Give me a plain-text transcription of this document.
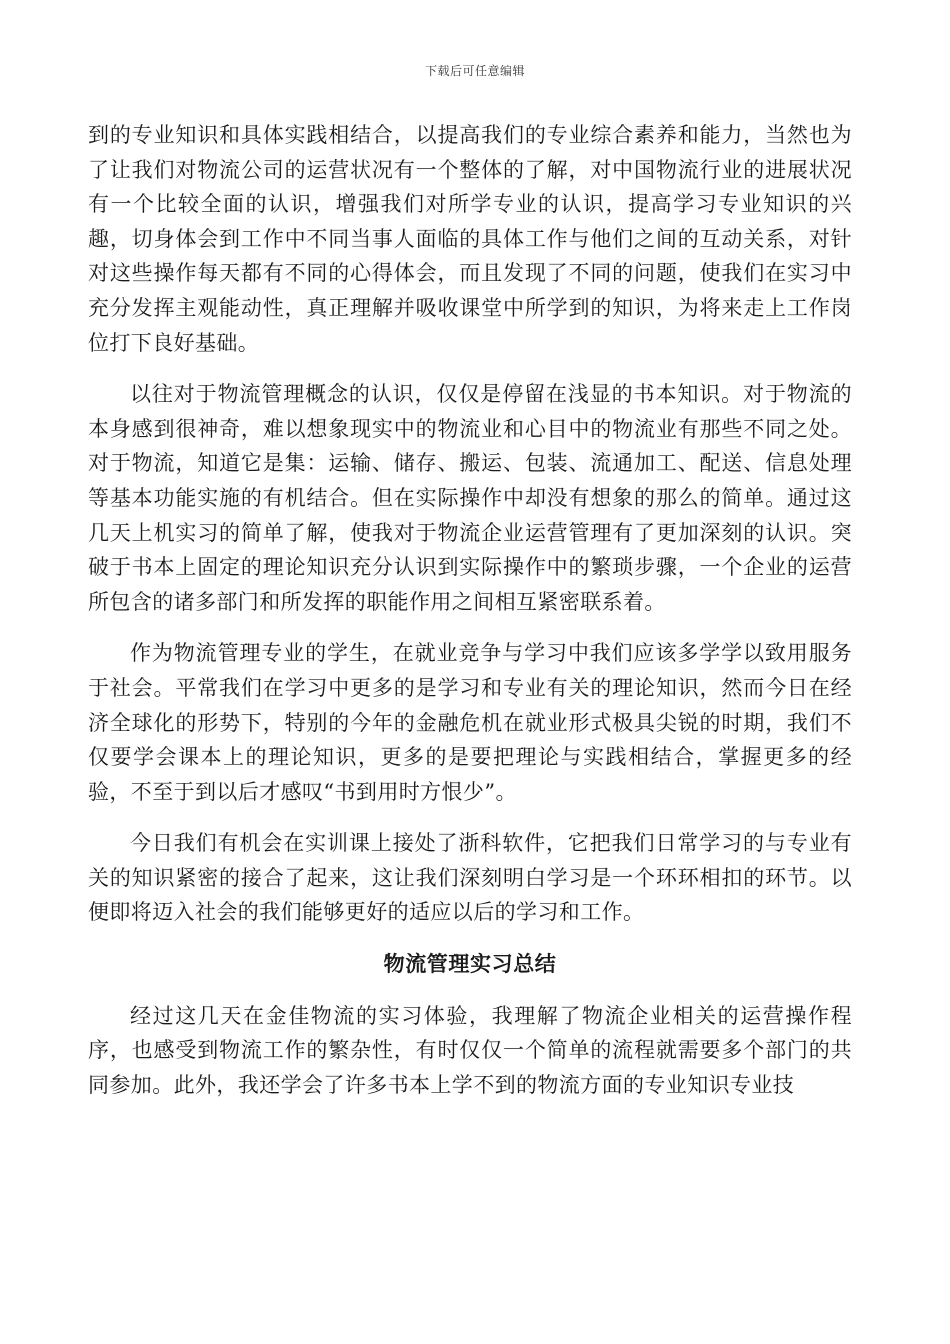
下载后可任意编辑

到的专业知识和具体实践相结合，以提高我们的专业综合素养和能力，当然也为了让我们对物流公司的运营状况有一个整体的了解，对中国物流行业的进展状况有一个比较全面的认识，增强我们对所学专业的认识，提高学习专业知识的兴趣，切身体会到工作中不同当事人面临的具体工作与他们之间的互动关系，对针对这些操作每天都有不同的心得体会，而且发现了不同的问题，使我们在实习中充分发挥主观能动性，真正理解并吸收课堂中所学到的知识，为将来走上工作岗位打下良好基础。

以往对于物流管理概念的认识，仅仅是停留在浅显的书本知识。对于物流的本身感到很神奇，难以想象现实中的物流业和心目中的物流业有那些不同之处。对于物流，知道它是集：运输、储存、搬运、包装、流通加工、配送、信息处理等基本功能实施的有机结合。但在实际操作中却没有想象的那么的简单。通过这几天上机实习的简单了解，使我对于物流企业运营管理有了更加深刻的认识。突破于书本上固定的理论知识充分认识到实际操作中的繁琐步骤，一个企业的运营所包含的诸多部门和所发挥的职能作用之间相互紧密联系着。

作为物流管理专业的学生，在就业竞争与学习中我们应该多学学以致用服务于社会。平常我们在学习中更多的是学习和专业有关的理论知识，然而今日在经济全球化的形势下，特别的今年的金融危机在就业形式极具尖锐的时期，我们不仅要学会课本上的理论知识，更多的是要把理论与实践相结合，掌握更多的经验，不至于到以后才感叹“书到用时方恨少”。

今日我们有机会在实训课上接处了浙科软件，它把我们日常学习的与专业有关的知识紧密的接合了起来，这让我们深刻明白学习是一个环环相扣的环节。以便即将迈入社会的我们能够更好的适应以后的学习和工作。

物流管理实习总结

经过这几天在金佳物流的实习体验，我理解了物流企业相关的运营操作程序，也感受到物流工作的繁杂性，有时仅仅一个简单的流程就需要多个部门的共同参加。此外，我还学会了许多书本上学不到的物流方面的专业知识专业技
